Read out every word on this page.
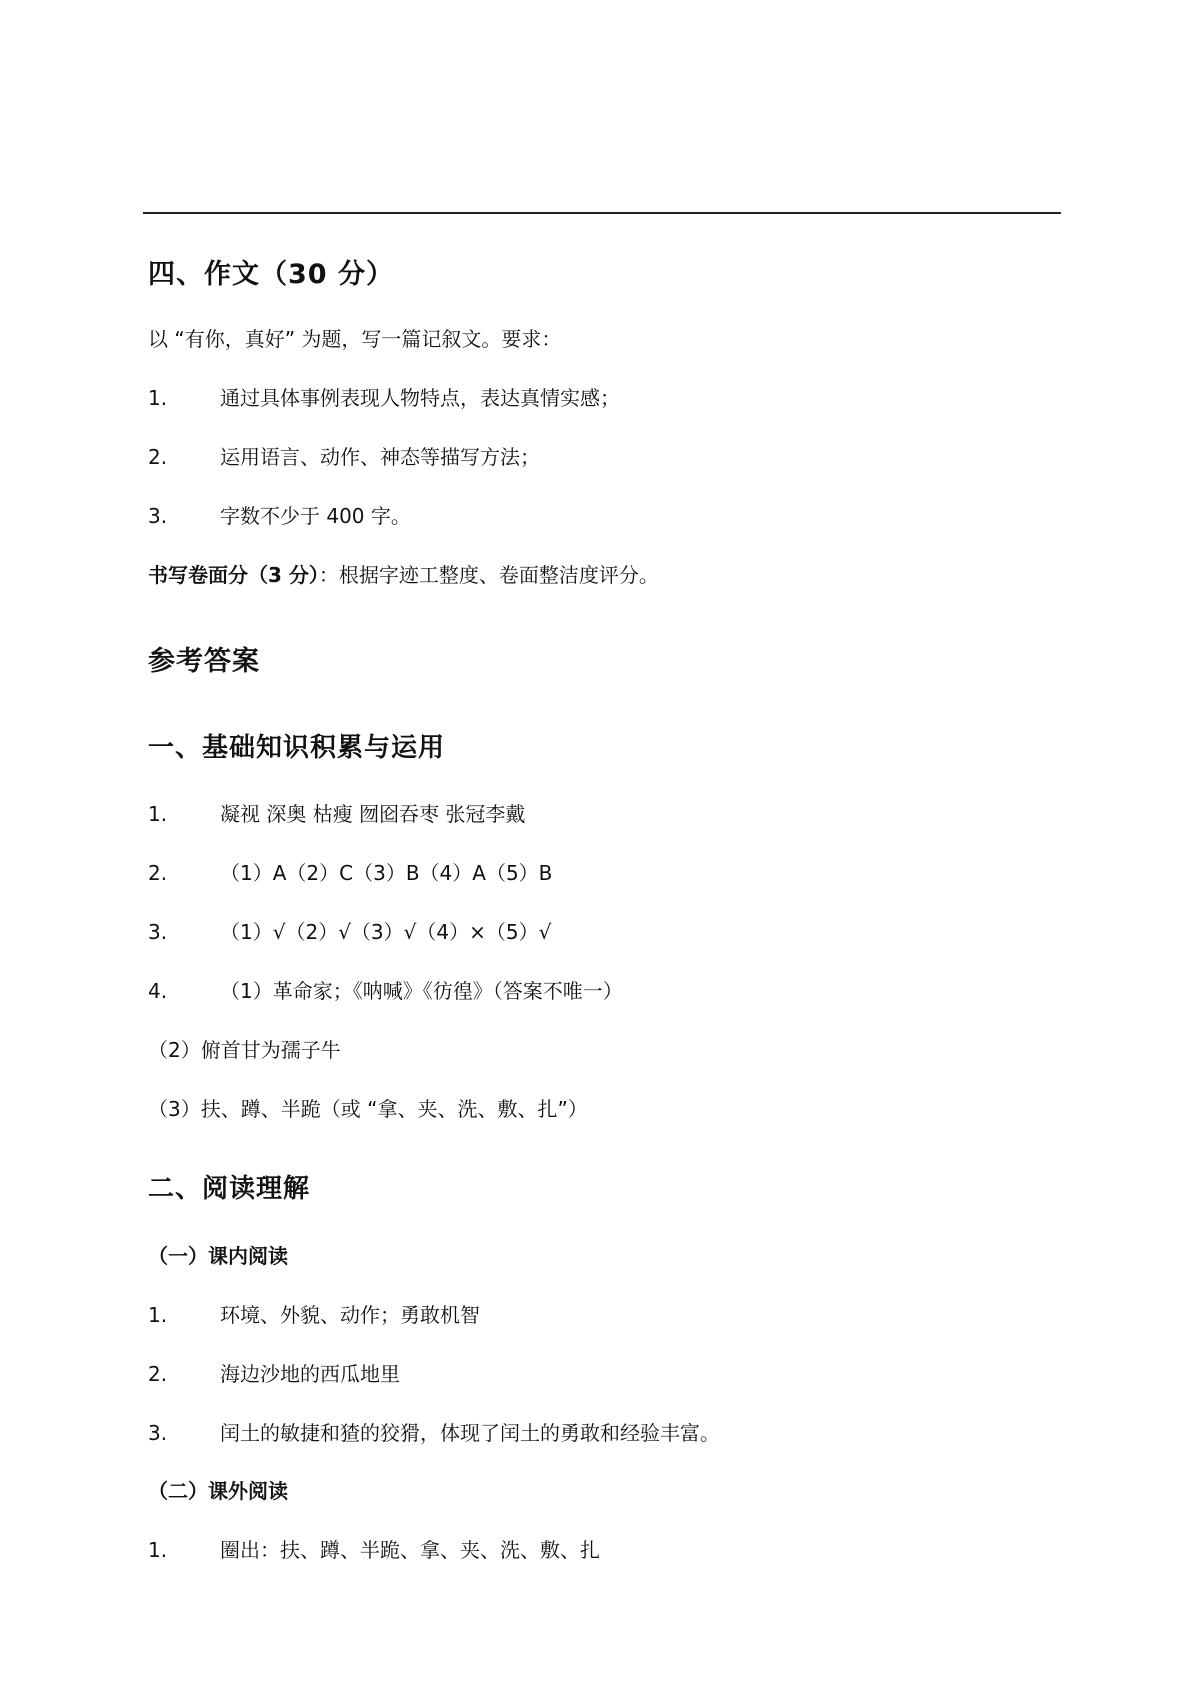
四、作文（30 分）
以 “有你，真好” 为题，写一篇记叙文。要求：
1.	通过具体事例表现人物特点，表达真情实感；
2.	运用语言、动作、神态等描写方法；
3.	字数不少于 400 字。
书写卷面分（3 分）：根据字迹工整度、卷面整洁度评分。
参考答案
一、基础知识积累与运用
1.	凝视 深奥 枯瘦 囫囵吞枣 张冠李戴
2.	（1）A（2）C（3）B（4）A（5）B
3.	（1）√（2）√（3）√（4）×（5）√
4.	（1）革命家；《呐喊》《彷徨》（答案不唯一）
（2）俯首甘为孺子牛
（3）扶、蹲、半跪（或 “拿、夹、洗、敷、扎”）
二、阅读理解
（一）课内阅读
1.	环境、外貌、动作；勇敢机智
2.	海边沙地的西瓜地里
3.	闰土的敏捷和猹的狡猾，体现了闰土的勇敢和经验丰富。
（二）课外阅读
1.	圈出：扶、蹲、半跪、拿、夹、洗、敷、扎
